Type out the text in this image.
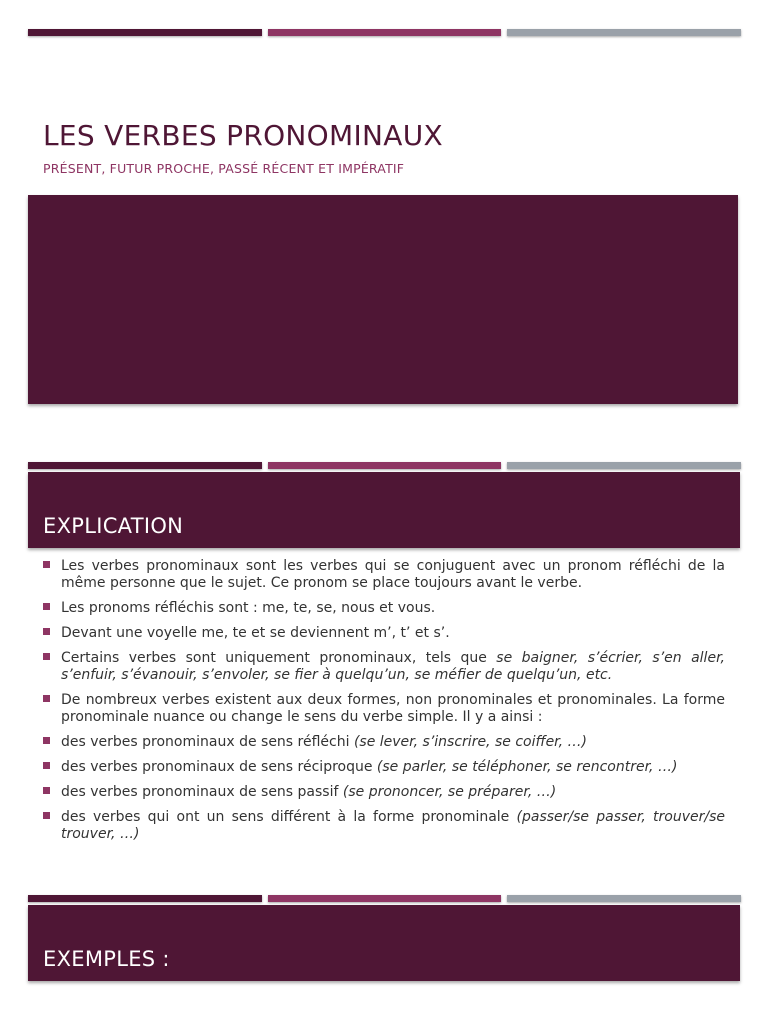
LES VERBES PRONOMINAUX
PRÉSENT, FUTUR PROCHE, PASSÉ RÉCENT ET IMPÉRATIF
EXPLICATION
Les verbes pronominaux sont les verbes qui se conjuguent avec un pronom réfléchi de la même personne que le sujet. Ce pronom se place toujours avant le verbe.
Les pronoms réfléchis sont : me, te, se, nous et vous.
Devant une voyelle me, te et se deviennent m’, t’ et s’.
Certains verbes sont uniquement pronominaux, tels que se baigner, s’écrier, s’en aller, s’enfuir, s’évanouir, s’envoler, se fier à quelqu’un, se méfier de quelqu’un, etc.
De nombreux verbes existent aux deux formes, non pronominales et pronominales. La forme pronominale nuance ou change le sens du verbe simple. Il y a ainsi :
des verbes pronominaux de sens réfléchi (se lever, s’inscrire, se coiffer, …)
des verbes pronominaux de sens réciproque (se parler, se téléphoner, se rencontrer, …)
des verbes pronominaux de sens passif (se prononcer, se préparer, …)
des verbes qui ont un sens différent à la forme pronominale (passer/se passer, trouver/se trouver, …)
EXEMPLES :
